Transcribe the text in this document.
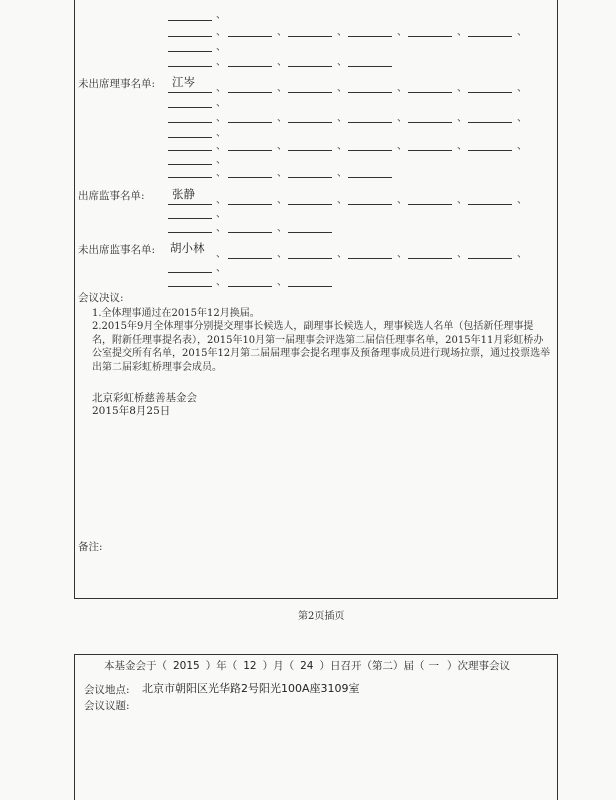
、
、	、	、	、	、	、
、
、	、	、
未出席理事名单: 江岑 、	、	、	、	、	、
、
、	、	、	、	、	、
、
、	、	、	、	、	、
、
、	、	、
出席监事名单: 张静 、	、	、	、	、	、
、
、	、
未出席监事名单: 胡小林 、	、	、	、	、	、
、
、	、
会议决议:
1.全体理事通过在2015年12月换届。
2.2015年9月全体理事分别提交理事长候选人，副理事长候选人，理事候选人名单（包括新任理事提名，附新任理事提名表），2015年10月第一届理事会评选第二届信任理事名单，2015年11月彩虹桥办公室提交所有名单，2015年12月第二届届理事会提名理事及预备理事成员进行现场拉票，通过投票选举出第二届彩虹桥理事会成员。
北京彩虹桥慈善基金会
2015年8月25日
备注:
第2页插页
本基金会于（ 2015 ）年（ 12 ）月（ 24 ）日召开（第二）届（ 一 ）次理事会议
会议地点: 北京市朝阳区光华路2号阳光100A座3109室
会议议题:
